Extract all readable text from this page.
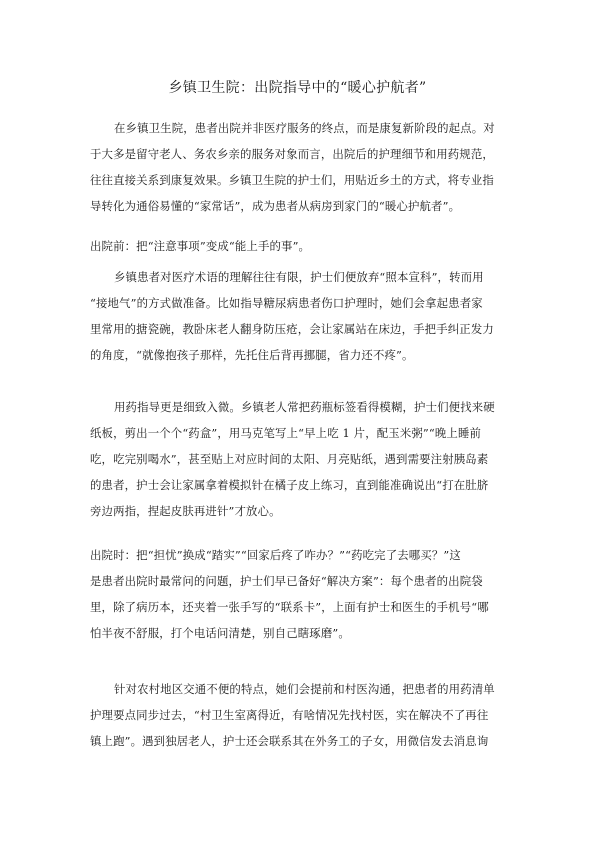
乡镇卫生院：出院指导中的“暖心护航者”
在乡镇卫生院，患者出院并非医疗服务的终点，而是康复新阶段的起点。对
于大多是留守老人、务农乡亲的服务对象而言，出院后的护理细节和用药规范，
往往直接关系到康复效果。乡镇卫生院的护士们，用贴近乡土的方式，将专业指
导转化为通俗易懂的“家常话”，成为患者从病房到家门的“暖心护航者”。
出院前：把“注意事项”变成“能上手的事”。
乡镇患者对医疗术语的理解往往有限，护士们便放弃“照本宣科”，转而用
“接地气”的方式做准备。比如指导糖尿病患者伤口护理时，她们会拿起患者家
里常用的搪瓷碗，教卧床老人翻身防压疮，会让家属站在床边，手把手纠正发力
的角度，“就像抱孩子那样，先托住后背再挪腿，省力还不疼”。
用药指导更是细致入微。乡镇老人常把药瓶标签看得模糊，护士们便找来硬
纸板，剪出一个个“药盒”，用马克笔写上“早上吃 1 片，配玉米粥”“晚上睡前
吃，吃完别喝水”，甚至贴上对应时间的太阳、月亮贴纸，遇到需要注射胰岛素
的患者，护士会让家属拿着模拟针在橘子皮上练习，直到能准确说出“打在肚脐
旁边两指，捏起皮肤再进针”才放心。
出院时：把“担忧”换成“踏实”“回家后疼了咋办？”“药吃完了去哪买？”这
是患者出院时最常问的问题，护士们早已备好“解决方案”：每个患者的出院袋
里，除了病历本，还夹着一张手写的“联系卡”，上面有护士和医生的手机号“哪
怕半夜不舒服，打个电话问清楚，别自己瞎琢磨”。
针对农村地区交通不便的特点，她们会提前和村医沟通，把患者的用药清单
护理要点同步过去，“村卫生室离得近，有啥情况先找村医，实在解决不了再往
镇上跑”。遇到独居老人，护士还会联系其在外务工的子女，用微信发去消息询
